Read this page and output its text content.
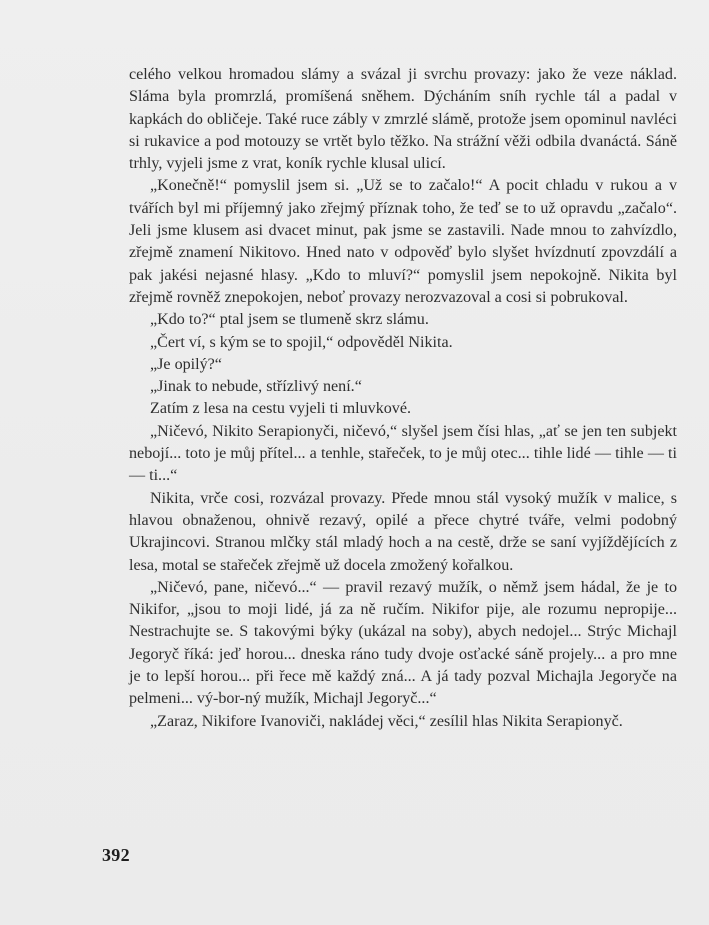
celého velkou hromadou slámy a svázal ji svrchu provazy: jako že veze náklad. Sláma byla promrzlá, promíšená sněhem. Dýcháním sníh rychle tál a padal v kapkách do obličeje. Také ruce zábly v zmrzlé slámě, protože jsem opominul navléci si rukavice a pod motouzy se vrtět bylo těžko. Na strážní věži odbila dvanáctá. Sáně trhly, vyjeli jsme z vrat, koník rychle klusal ulicí.

„Konečně!“ pomyslil jsem si. „Už se to začalo!“ A pocit chladu v rukou a v tvářích byl mi příjemný jako zřejmý příznak toho, že teď se to už opravdu „začalo“. Jeli jsme klusem asi dvacet minut, pak jsme se zastavili. Nade mnou to zahvízdlo, zřejmě znamení Nikitovo. Hned nato v odpověď bylo slyšet hvízdnutí zpovzdálí a pak jakési nejasné hlasy. „Kdo to mluví?“ pomyslil jsem nepokojně. Nikita byl zřejmě rovněž znepokojen, neboť provazy nerozvazoval a cosi si pobrukoval.

„Kdo to?“ ptal jsem se tlumeně skrz slámu.

„Čert ví, s kým se to spojil,“ odpověděl Nikita.

„Je opilý?“

„Jinak to nebude, střízlivý není.“

Zatím z lesa na cestu vyjeli ti mluvkové.

„Ničevó, Nikito Serapionyči, ničevó,“ slyšel jsem čísi hlas, „ať se jen ten subjekt nebojí... toto je můj přítel... a tenhle, stařeček, to je můj otec... tihle lidé — tihle — ti — ti...“

Nikita, vrče cosi, rozvázal provazy. Přede mnou stál vysoký mužík v malice, s hlavou obnaženou, ohnivě rezavý, opilé a přece chytré tváře, velmi podobný Ukrajincovi. Stranou mlčky stál mladý hoch a na cestě, drže se saní vyjíždějících z lesa, motal se stařeček zřejmě už docela zmožený kořalkou.

„Ničevó, pane, ničevó...“ — pravil rezavý mužík, o němž jsem hádal, že je to Nikifor, „jsou to moji lidé, já za ně ručím. Nikifor pije, ale rozumu nepropije... Nestrachujte se. S takovými býky (ukázal na soby), abych nedojel... Strýc Michajl Jegoryč říká: jeď horou... dneska ráno tudy dvoje osťacké sáně projely... a pro mne je to lepší horou... při řece mě každý zná... A já tady pozval Michajla Jegoryče na pelmeni... vý-bor-ný mužík, Michajl Jegoryč...“

„Zaraz, Nikifore Ivanoviči, nakládej věci,“ zesílil hlas Nikita Serapionyč.

392
